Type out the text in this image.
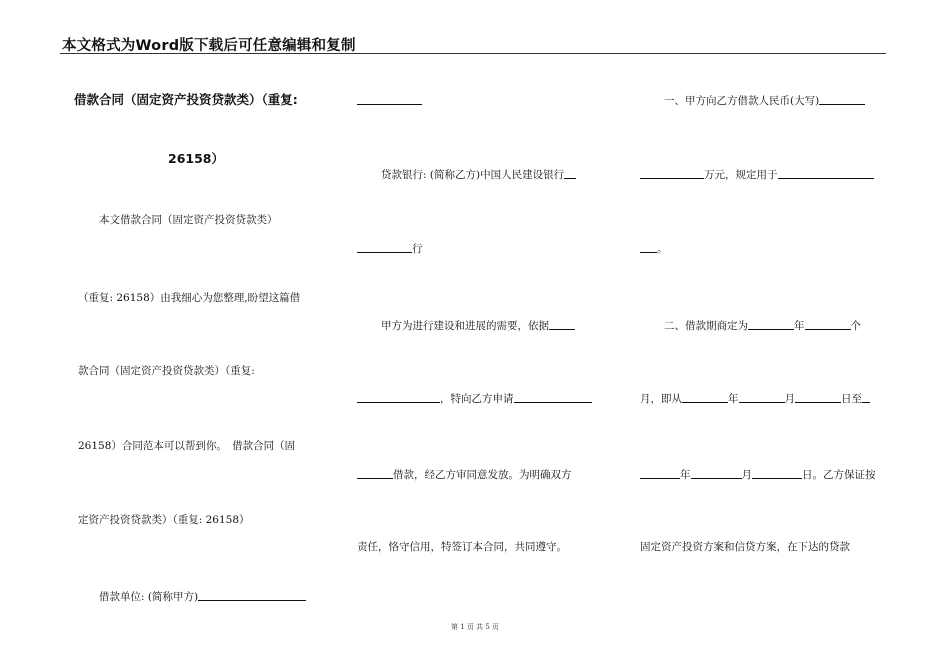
本文格式为Word版下载后可任意编辑和复制
借款合同（固定资产投资贷款类）（重复:
26158）
本文借款合同（固定资产投资贷款类）
（重复: 26158）由我细心为您整理,盼望这篇借
款合同（固定资产投资贷款类）（重复:
26158）合同范本可以帮到你。　借款合同（固
定资产投资贷款类）（重复: 26158）
借款单位: (简称甲方)
贷款银行: (简称乙方)中国人民建设银行
行
甲方为进行建设和进展的需要，依据
，特向乙方申请
借款，经乙方审同意发放。为明确双方
责任，恪守信用，特签订本合同，共同遵守。
一、甲方向乙方借款人民币(大写)
万元，规定用于
。
二、借款期商定为	年	个
月，即从	年	月	日至
年	月	日。乙方保证按
固定资产投资方案和信贷方案，在下达的贷款
第 1 页 共 5 页
